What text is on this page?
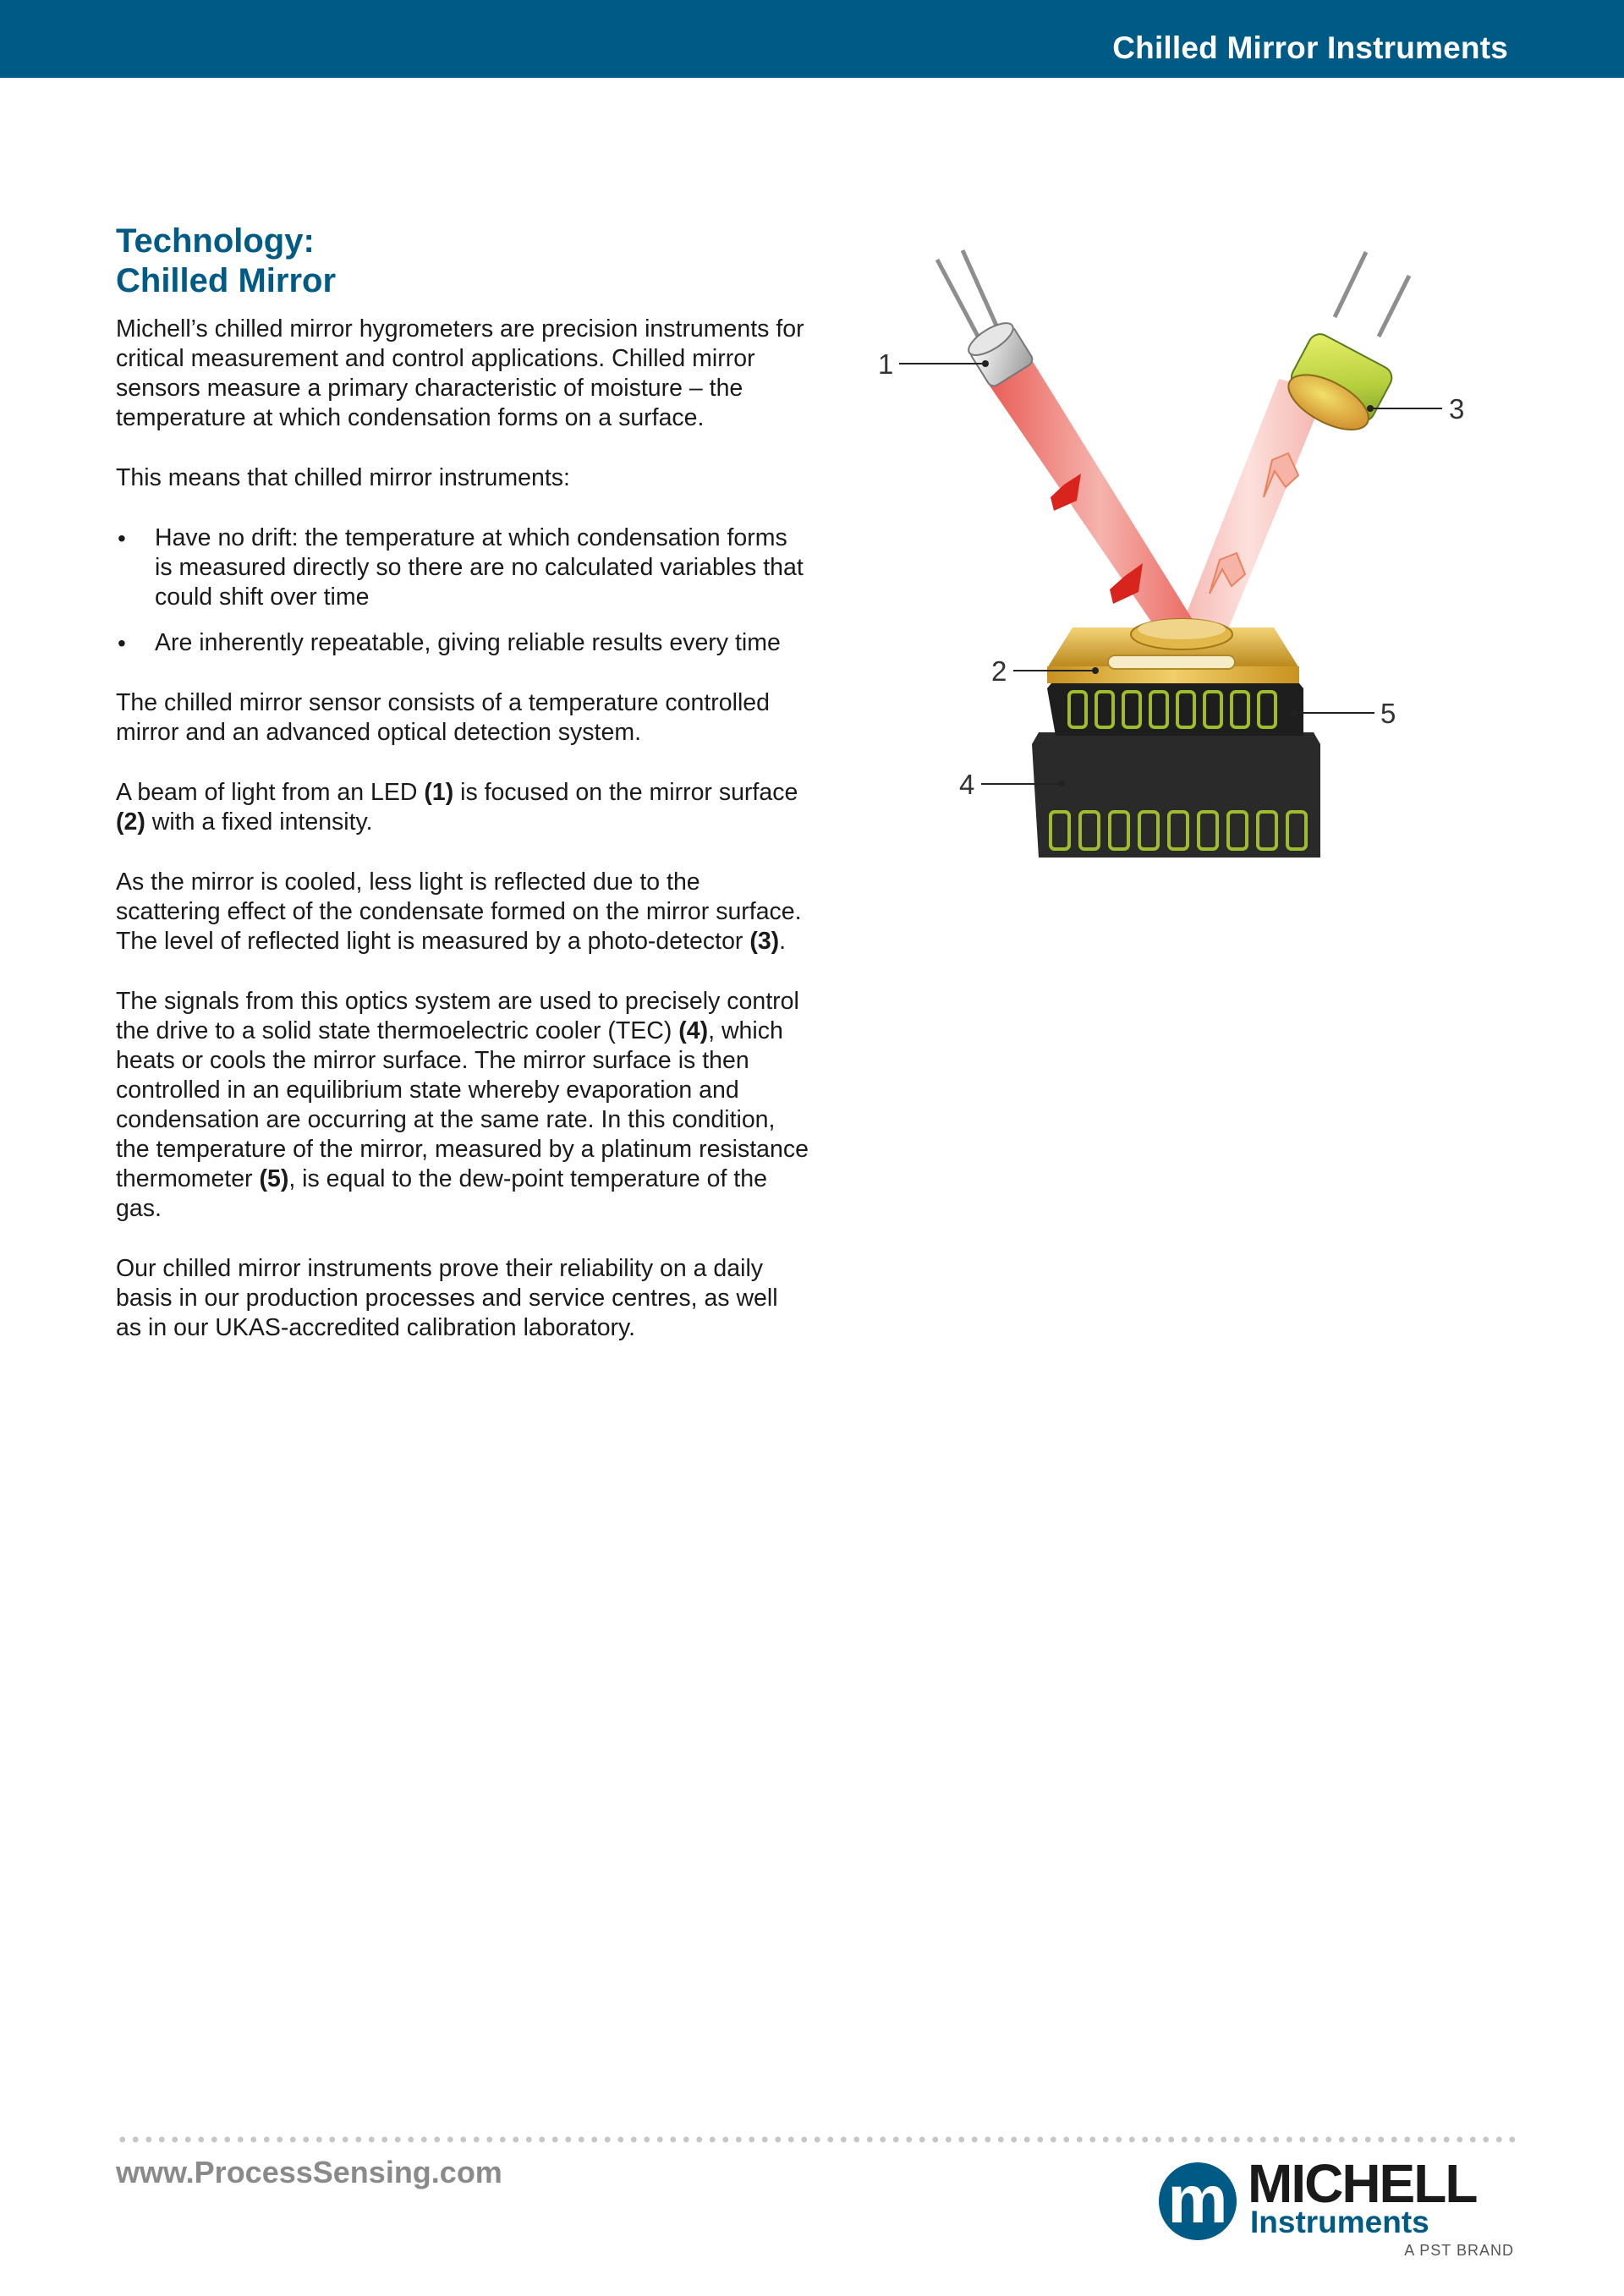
Chilled Mirror Instruments
Technology:
Chilled Mirror

Michell’s chilled mirror hygrometers are precision instruments for critical measurement and control applications. Chilled mirror sensors measure a primary characteristic of moisture – the temperature at which condensation forms on a surface.

This means that chilled mirror instruments:

• Have no drift: the temperature at which condensation forms is measured directly so there are no calculated variables that could shift over time
• Are inherently repeatable, giving reliable results every time

The chilled mirror sensor consists of a temperature controlled mirror and an advanced optical detection system.

A beam of light from an LED (1) is focused on the mirror surface (2) with a fixed intensity.

As the mirror is cooled, less light is reflected due to the scattering effect of the condensate formed on the mirror surface. The level of reflected light is measured by a photo-detector (3).

The signals from this optics system are used to precisely control the drive to a solid state thermoelectric cooler (TEC) (4), which heats or cools the mirror surface. The mirror surface is then controlled in an equilibrium state whereby evaporation and condensation are occurring at the same rate. In this condition, the temperature of the mirror, measured by a platinum resistance thermometer (5), is equal to the dew-point temperature of the gas.

Our chilled mirror instruments prove their reliability on a daily basis in our production processes and service centres, as well as in our UKAS-accredited calibration laboratory.

1
2
3
4
5
www.ProcessSensing.com	m MICHELL
Instruments
A PST BRAND
